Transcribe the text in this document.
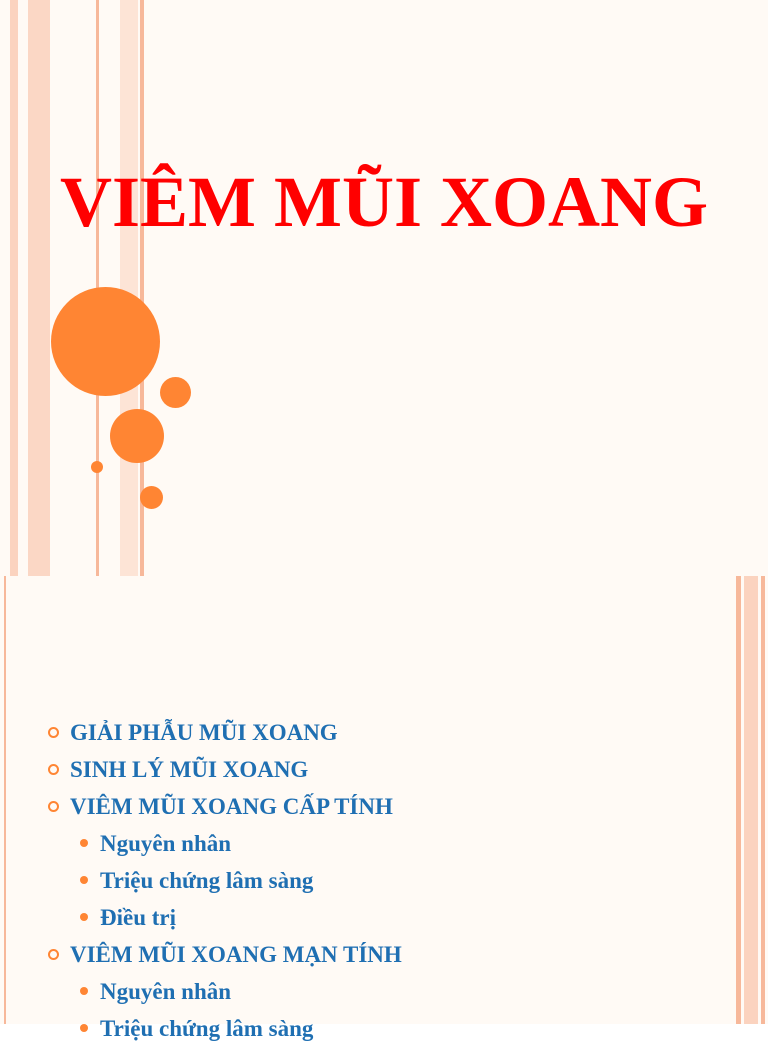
VIÊM MŨI XOANG
GIẢI PHẪU MŨI XOANG
SINH LÝ MŨI XOANG
VIÊM MŨI XOANG CẤP TÍNH
Nguyên nhân
Triệu chứng lâm sàng
Điều trị
VIÊM MŨI XOANG MẠN TÍNH
Nguyên nhân
Triệu chứng lâm sàng
